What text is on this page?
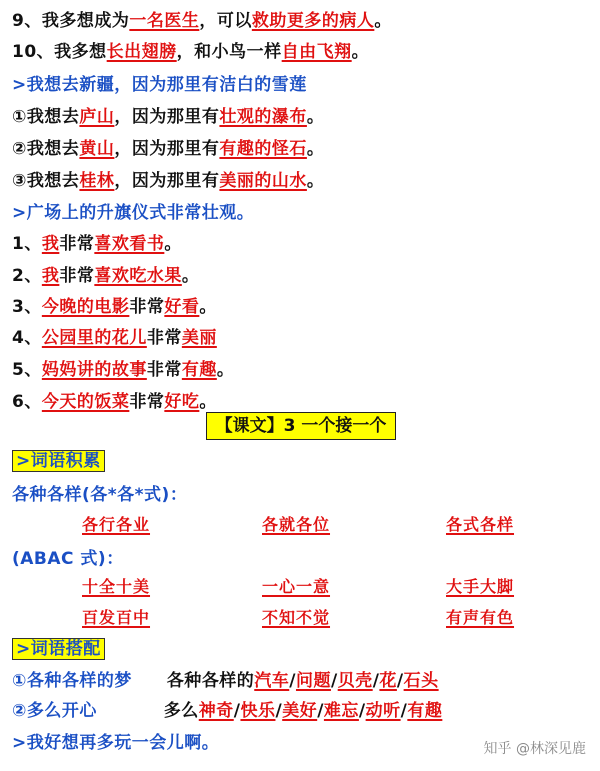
9、我多想成为一名医生，可以救助更多的病人。
10、我多想长出翅膀，和小鸟一样自由飞翔。
>我想去新疆，因为那里有洁白的雪莲
①我想去庐山，因为那里有壮观的瀑布。
②我想去黄山，因为那里有有趣的怪石。
③我想去桂林，因为那里有美丽的山水。
>广场上的升旗仪式非常壮观。
1、我非常喜欢看书。
2、我非常喜欢吃水果。
3、今晚的电影非常好看。
4、公园里的花儿非常美丽
5、妈妈讲的故事非常有趣。
6、今天的饭菜非常好吃。
【课文】3 一个接一个
>词语积累
各种各样(各*各*式)：
各行各业	各就各位	各式各样
(ABAC 式)：
十全十美	一心一意	大手大脚
百发百中	不知不觉	有声有色
>词语搭配
①各种各样的梦 各种各样的汽车/问题/贝壳/花/石头
②多么开心	多么神奇/快乐/美好/难忘/动听/有趣
>我好想再多玩一会儿啊。	知乎 @林深见鹿
